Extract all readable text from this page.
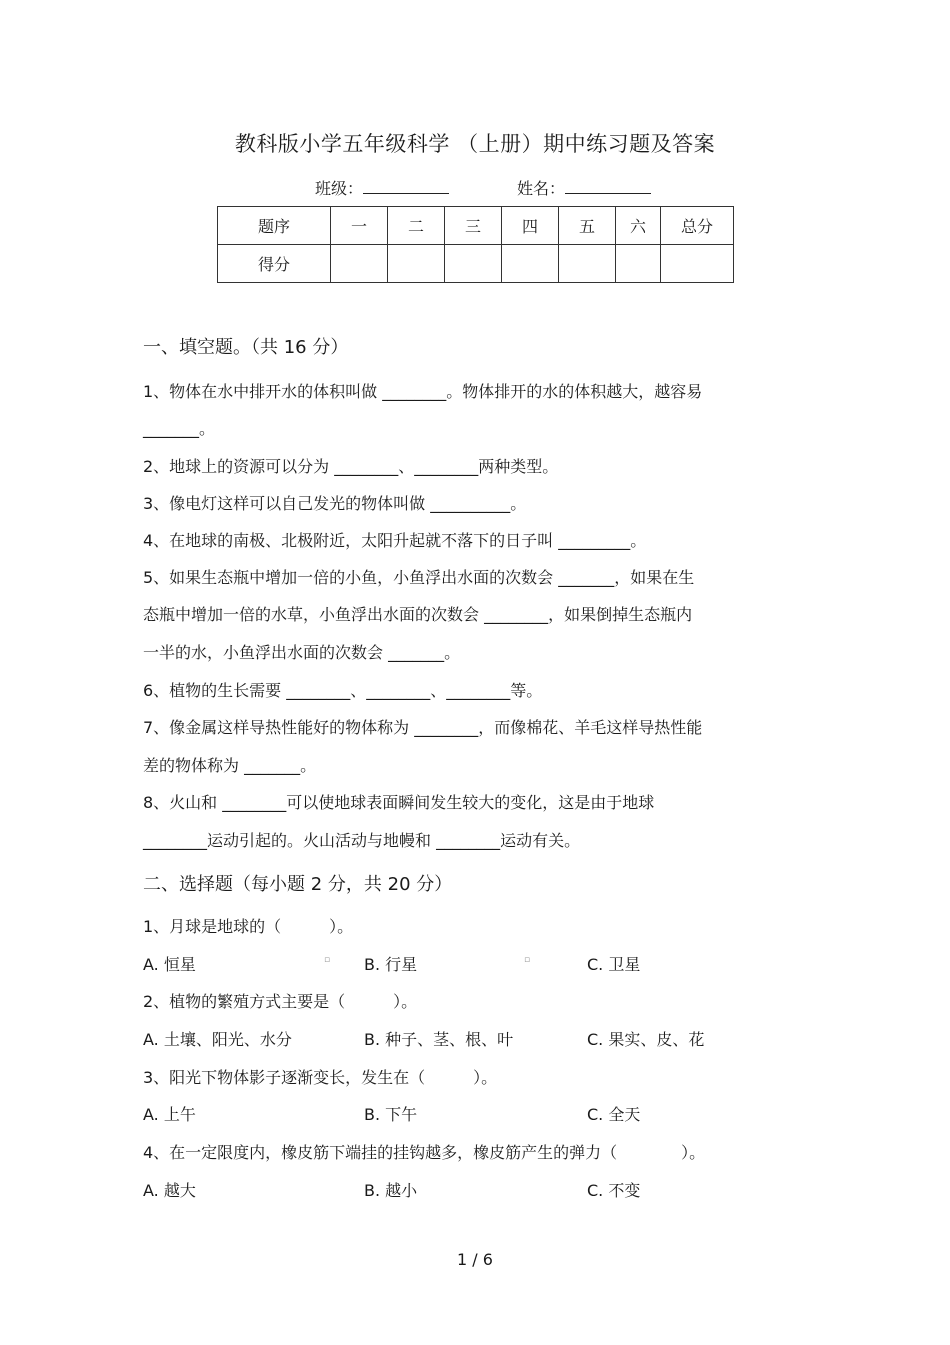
教科版小学五年级科学 （上册）期中练习题及答案
班级：	姓名：
题序	一	二	三	四	五	六	总分
得分							
一、填空题。（共 16 分）
1、物体在水中排开水的体积叫做 ________。物体排开的水的体积越大，越容易
_______。
2、地球上的资源可以分为 ________、________两种类型。
3、像电灯这样可以自己发光的物体叫做 __________。
4、在地球的南极、北极附近，太阳升起就不落下的日子叫 _________。
5、如果生态瓶中增加一倍的小鱼，小鱼浮出水面的次数会 _______，如果在生
态瓶中增加一倍的水草，小鱼浮出水面的次数会 ________，如果倒掉生态瓶内
一半的水，小鱼浮出水面的次数会 _______。
6、植物的生长需要 ________、________、________等。
7、像金属这样导热性能好的物体称为 ________，而像棉花、羊毛这样导热性能
差的物体称为 _______。
8、火山和 ________可以使地球表面瞬间发生较大的变化，这是由于地球
________运动引起的。火山活动与地幔和 ________运动有关。
二、选择题（每小题 2 分，共 20 分）
1、月球是地球的（　　　）。
A. 恒星	▫ B. 行星	▫	C. 卫星
2、植物的繁殖方式主要是（　　　）。
A. 土壤、阳光、水分	B. 种子、茎、根、叶	C. 果实、皮、花
3、阳光下物体影子逐渐变长，发生在（　　　）。
A. 上午	B. 下午	C. 全天
4、在一定限度内，橡皮筋下端挂的挂钩越多，橡皮筋产生的弹力（　　　　）。
A. 越大	B. 越小	C. 不变
1 / 6
